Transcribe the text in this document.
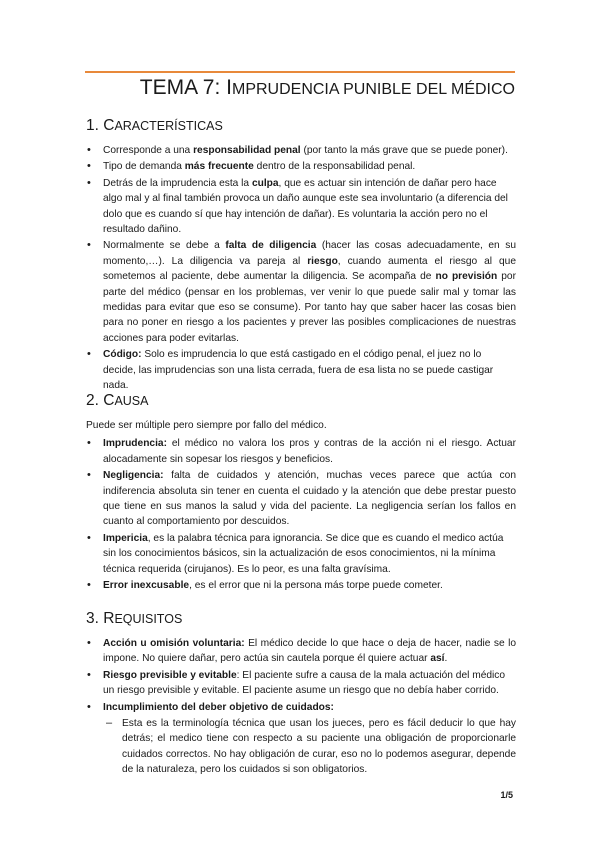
TEMA 7: IMPRUDENCIA PUNIBLE DEL MÉDICO
1. CARACTERÍSTICAS
• Corresponde a una responsabilidad penal (por tanto la más grave que se puede poner).
• Tipo de demanda más frecuente dentro de la responsabilidad penal.
• Detrás de la imprudencia esta la culpa, que es actuar sin intención de dañar pero hace algo mal y al final también provoca un daño aunque este sea involuntario (a diferencia del dolo que es cuando sí que hay intención de dañar). Es voluntaria la acción pero no el resultado dañino.
• Normalmente se debe a falta de diligencia (hacer las cosas adecuadamente, en su momento,…). La diligencia va pareja al riesgo, cuando aumenta el riesgo al que sometemos al paciente, debe aumentar la diligencia. Se acompaña de no previsión por parte del médico (pensar en los problemas, ver venir lo que puede salir mal y tomar las medidas para evitar que eso se consume). Por tanto hay que saber hacer las cosas bien para no poner en riesgo a los pacientes y prever las posibles complicaciones de nuestras acciones para poder evitarlas.
• Código: Solo es imprudencia lo que está castigado en el código penal, el juez no lo decide, las imprudencias son una lista cerrada, fuera de esa lista no se puede castigar nada.
2. CAUSA

Puede ser múltiple pero siempre por fallo del médico.

• Imprudencia: el médico no valora los pros y contras de la acción ni el riesgo. Actuar alocadamente sin sopesar los riesgos y beneficios.
• Negligencia: falta de cuidados y atención, muchas veces parece que actúa con indiferencia absoluta sin tener en cuenta el cuidado y la atención que debe prestar puesto que tiene en sus manos la salud y vida del paciente. La negligencia serían los fallos en cuanto al comportamiento por descuidos.
• Impericia, es la palabra técnica para ignorancia. Se dice que es cuando el medico actúa sin los conocimientos básicos, sin la actualización de esos conocimientos, ni la mínima técnica requerida (cirujanos). Es lo peor, es una falta gravísima.
• Error inexcusable, es el error que ni la persona más torpe puede cometer.
3. REQUISITOS
• Acción u omisión voluntaria: El médico decide lo que hace o deja de hacer, nadie se lo impone. No quiere dañar, pero actúa sin cautela porque él quiere actuar así.
• Riesgo previsible y evitable: El paciente sufre a causa de la mala actuación del médico un riesgo previsible y evitable. El paciente asume un riesgo que no debía haber corrido.
• Incumplimiento del deber objetivo de cuidados:
– Esta es la terminología técnica que usan los jueces, pero es fácil deducir lo que hay detrás; el medico tiene con respecto a su paciente una obligación de proporcionarle cuidados correctos. No hay obligación de curar, eso no lo podemos asegurar, depende de la naturaleza, pero los cuidados si son obligatorios.
1/5
